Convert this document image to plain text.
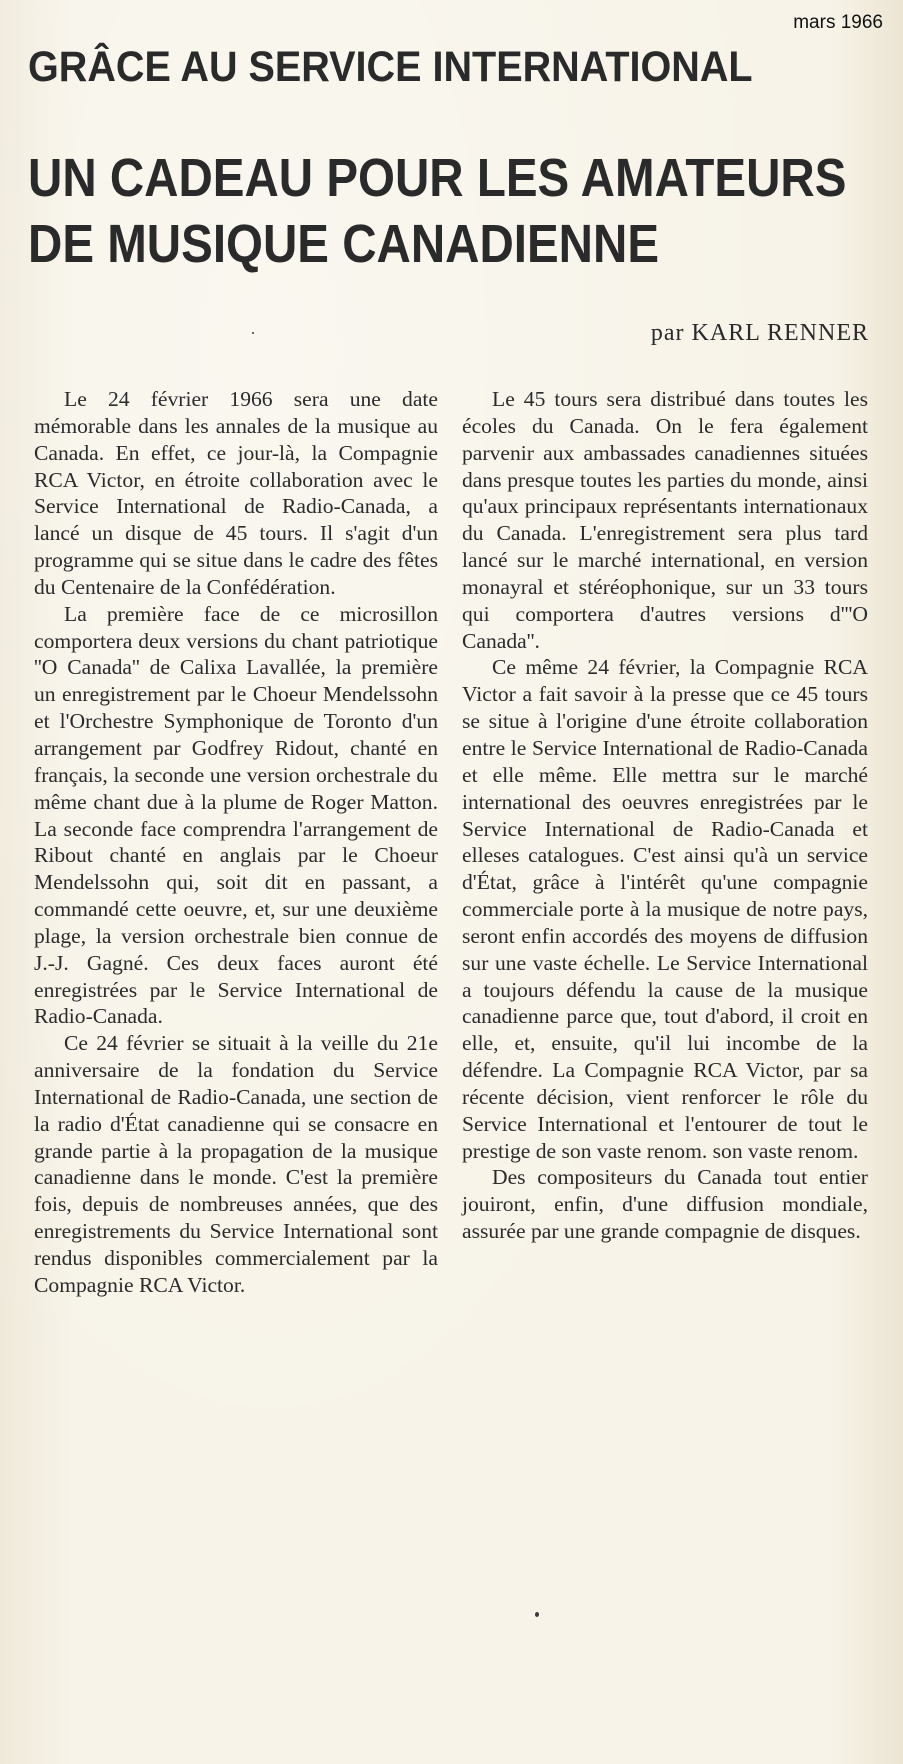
mars 1966
GRÂCE AU SERVICE INTERNATIONAL
UN CADEAU POUR LES AMATEURS
DE MUSIQUE CANADIENNE
par KARL RENNER

Le 24 février 1966 sera une date mémorable dans les annales de la musique au Canada. En effet, ce jour-là, la Compagnie RCA Victor, en étroite collaboration avec le Service International de Radio-Canada, a lancé un disque de 45 tours. Il s'agit d'un programme qui se situe dans le cadre des fêtes du Centenaire de la Confédération.

La première face de ce microsillon comportera deux versions du chant patriotique ''O Canada'' de Calixa Lavallée, la première un enregistrement par le Choeur Mendelssohn et l'Orchestre Symphonique de Toronto d'un arrangement par Godfrey Ridout, chanté en français, la seconde une version orchestrale du même chant due à la plume de Roger Matton. La seconde face comprendra l'arrangement de Ribout chanté en anglais par le Choeur Mendelssohn qui, soit dit en passant, a commandé cette oeuvre, et, sur une deuxième plage, la version orchestrale bien connue de J.-J. Gagné. Ces deux faces auront été enregistrées par le Service International de Radio-Canada.

Ce 24 février se situait à la veille du 21e anniversaire de la fondation du Service International de Radio-Canada, une section de la radio d'État canadienne qui se consacre en grande partie à la propagation de la musique canadienne dans le monde. C'est la première fois, depuis de nombreuses années, que des enregistrements du Service International sont rendus disponibles commercialement par la Compagnie RCA Victor.

Le 45 tours sera distribué dans toutes les écoles du Canada. On le fera également parvenir aux ambassades canadiennes situées dans presque toutes les parties du monde, ainsi qu'aux principaux représentants internationaux du Canada. L'enregistrement sera plus tard lancé sur le marché international, en version monayral et stéréophonique, sur un 33 tours qui comportera d'autres versions d'''O Canada''.

Ce même 24 février, la Compagnie RCA Victor a fait savoir à la presse que ce 45 tours se situe à l'origine d'une étroite collaboration entre le Service International de Radio-Canada et elle même. Elle mettra sur le marché international des oeuvres enregistrées par le Service International de Radio-Canada et elleses catalogues. C'est ainsi qu'à un service d'État, grâce à l'intérêt qu'une compagnie commerciale porte à la musique de notre pays, seront enfin accordés des moyens de diffusion sur une vaste échelle. Le Service International a toujours défendu la cause de la musique canadienne parce que, tout d'abord, il croit en elle, et, ensuite, qu'il lui incombe de la défendre. La Compagnie RCA Victor, par sa récente décision, vient renforcer le rôle du Service International et l'entourer de tout le prestige de son vaste renom. son vaste renom.

Des compositeurs du Canada tout entier jouiront, enfin, d'une diffusion mondiale, assurée par une grande compagnie de disques.
